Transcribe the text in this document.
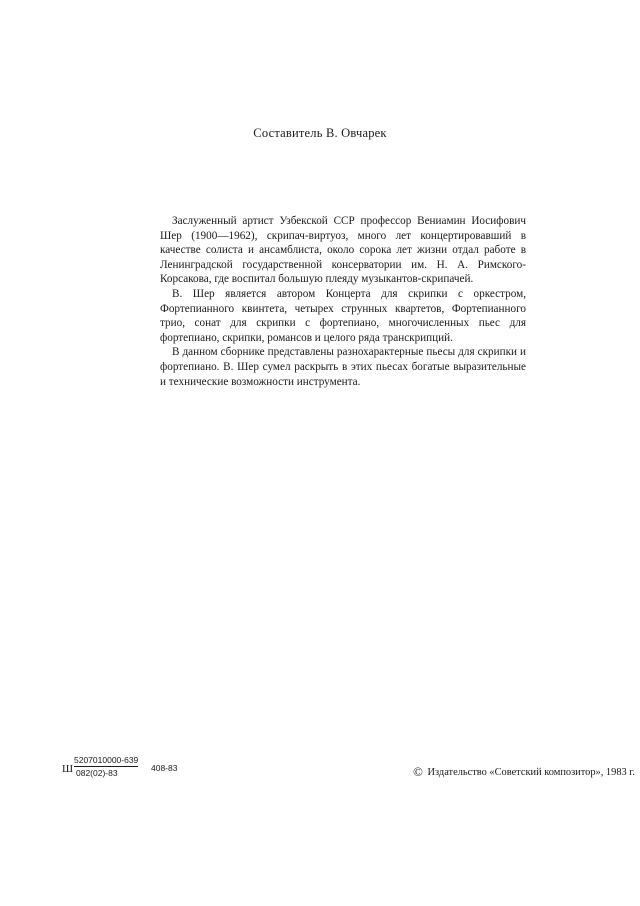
Составитель В. Овчарек

Заслуженный артист Узбекской ССР профессор Вениамин Иосифович Шер (1900—1962), скрипач-виртуоз, много лет концертировавший в качестве солиста и ансамблиста, около сорока лет жизни отдал работе в Ленинградской государственной консерватории им. Н. А. Римского-Корсакова, где воспитал большую плеяду музыкантов-скрипачей.

В. Шер является автором Концерта для скрипки с оркестром, Фортепианного квинтета, четырех струнных квартетов, Фортепианного трио, сонат для скрипки с фортепиано, многочисленных пьес для фортепиано, скрипки, романсов и целого ряда транскрипций.

В данном сборнике представлены разнохарактерные пьесы для скрипки и фортепиано. В. Шер сумел раскрыть в этих пьесах богатые выразительные и технические возможности инструмента.

Ш
5207010000-639
082(02)-83	408-83	© Издательство «Советский композитор», 1983 г.
